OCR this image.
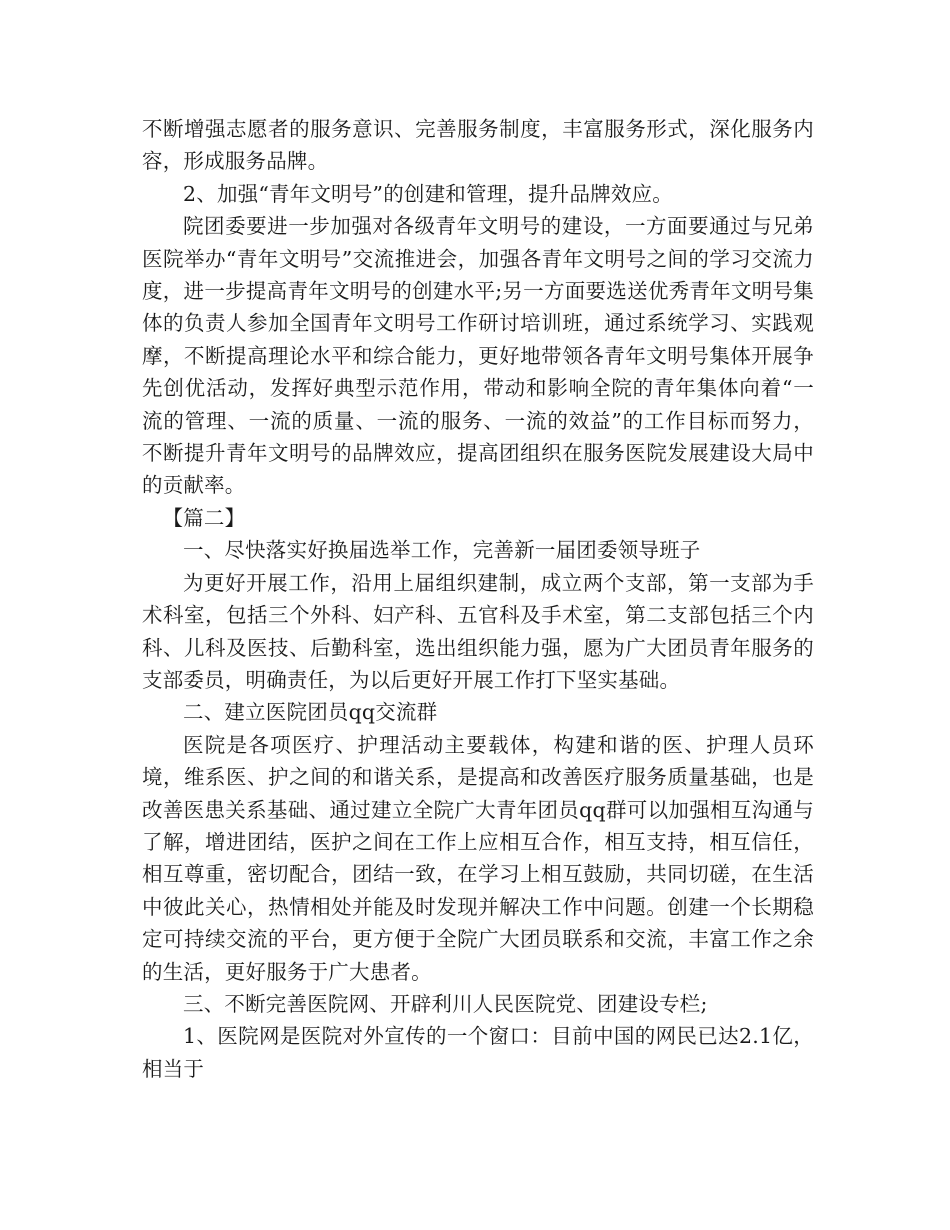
不断增强志愿者的服务意识、完善服务制度，丰富服务形式，深化服务内容，形成服务品牌。

2、加强“青年文明号”的创建和管理，提升品牌效应。

院团委要进一步加强对各级青年文明号的建设，一方面要通过与兄弟医院举办“青年文明号”交流推进会，加强各青年文明号之间的学习交流力度，进一步提高青年文明号的创建水平;另一方面要选送优秀青年文明号集体的负责人参加全国青年文明号工作研讨培训班，通过系统学习、实践观摩，不断提高理论水平和综合能力，更好地带领各青年文明号集体开展争先创优活动，发挥好典型示范作用，带动和影响全院的青年集体向着“一流的管理、一流的质量、一流的服务、一流的效益”的工作目标而努力，不断提升青年文明号的品牌效应，提高团组织在服务医院发展建设大局中的贡献率。

【篇二】

一、尽快落实好换届选举工作，完善新一届团委领导班子

为更好开展工作，沿用上届组织建制，成立两个支部，第一支部为手术科室，包括三个外科、妇产科、五官科及手术室，第二支部包括三个内科、儿科及医技、后勤科室，选出组织能力强，愿为广大团员青年服务的支部委员，明确责任，为以后更好开展工作打下坚实基础。

二、建立医院团员qq交流群

医院是各项医疗、护理活动主要载体，构建和谐的医、护理人员环境，维系医、护之间的和谐关系，是提高和改善医疗服务质量基础，也是改善医患关系基础、通过建立全院广大青年团员qq群可以加强相互沟通与了解，增进团结，医护之间在工作上应相互合作，相互支持，相互信任，相互尊重，密切配合，团结一致，在学习上相互鼓励，共同切磋，在生活中彼此关心，热情相处并能及时发现并解决工作中问题。创建一个长期稳定可持续交流的平台，更方便于全院广大团员联系和交流，丰富工作之余的生活，更好服务于广大患者。

三、不断完善医院网、开辟利川人民医院党、团建设专栏;

1、医院网是医院对外宣传的一个窗口：目前中国的网民已达2.1亿，相当于
